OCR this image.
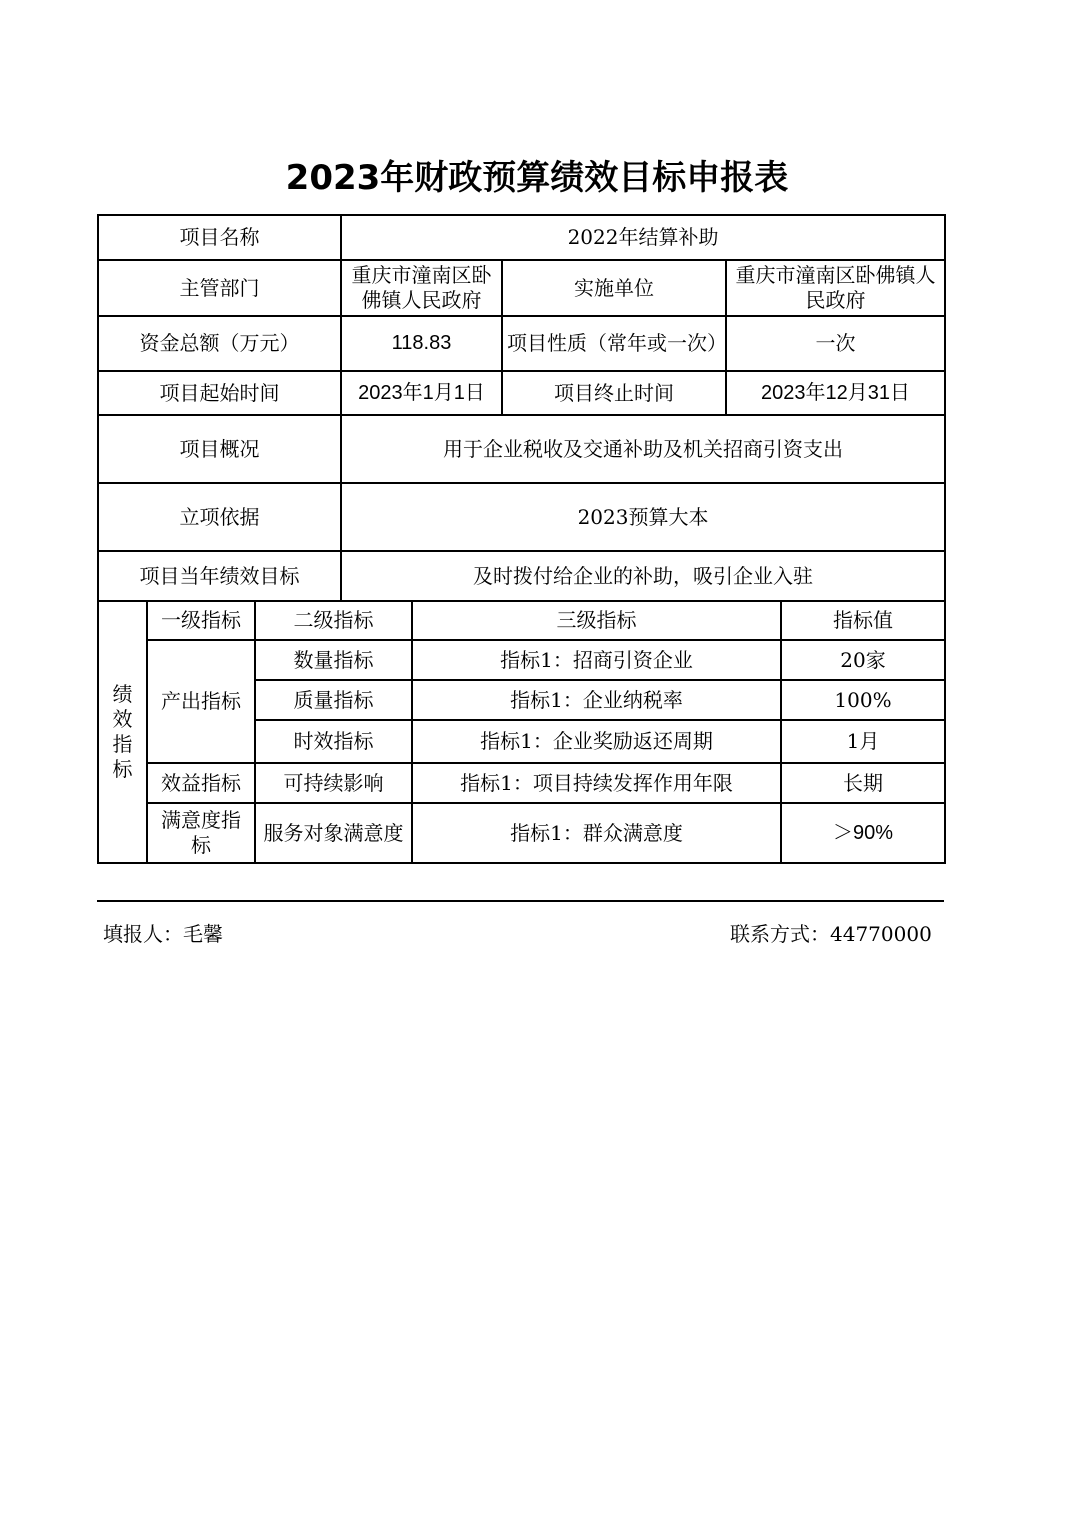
2023年财政预算绩效目标申报表
项目名称			2022年结算补助				
主管部门			重庆市潼南区卧佛镇人民政府		实施单位	重庆市潼南区卧佛镇人民政府	
资金总额（万元）			118.83		项目性质（常年或一次）	一次	
项目起始时间			2023年1月1日		项目终止时间	2023年12月31日	
项目概况			用于企业税收及交通补助及机关招商引资支出				
立项依据			2023预算大本				
项目当年绩效目标			及时拨付给企业的补助，吸引企业入驻				
绩效指标	一级指标	二级指标		三级指标			指标值
	产出指标	数量指标		指标1：招商引资企业			20家
		质量指标		指标1：企业纳税率			100%
		时效指标		指标1：企业奖励返还周期			1月
	效益指标	可持续影响		指标1：项目持续发挥作用年限			长期
	满意度指标	服务对象满意度		指标1：群众满意度			＞90%
填报人：毛馨	联系方式：44770000
